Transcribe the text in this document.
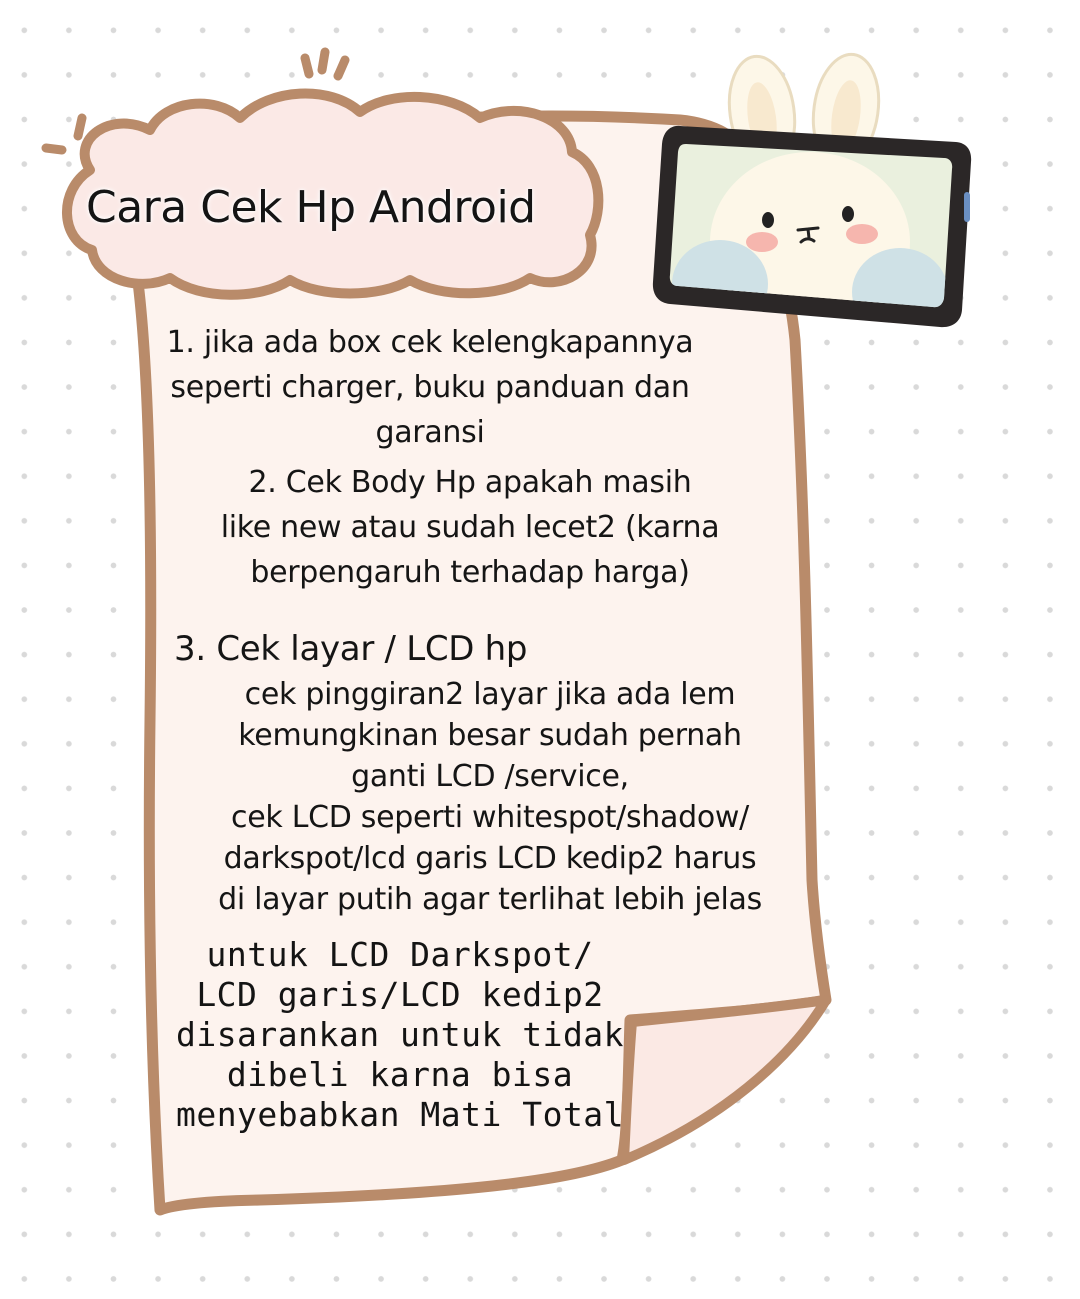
Cara Cek Hp Android
1. jika ada box cek kelengkapannya
seperti charger, buku panduan dan
garansi
2. Cek Body Hp apakah masih
like new atau sudah lecet2 (karna
berpengaruh terhadap harga)
3. Cek layar / LCD hp
cek pinggiran2 layar jika ada lem
kemungkinan besar sudah pernah
ganti LCD /service,
cek LCD seperti whitespot/shadow/
darkspot/lcd garis LCD kedip2 harus
di layar putih agar terlihat lebih jelas
untuk LCD Darkspot/
LCD garis/LCD kedip2
disarankan untuk tidak
dibeli karna bisa
menyebabkan Mati Total
